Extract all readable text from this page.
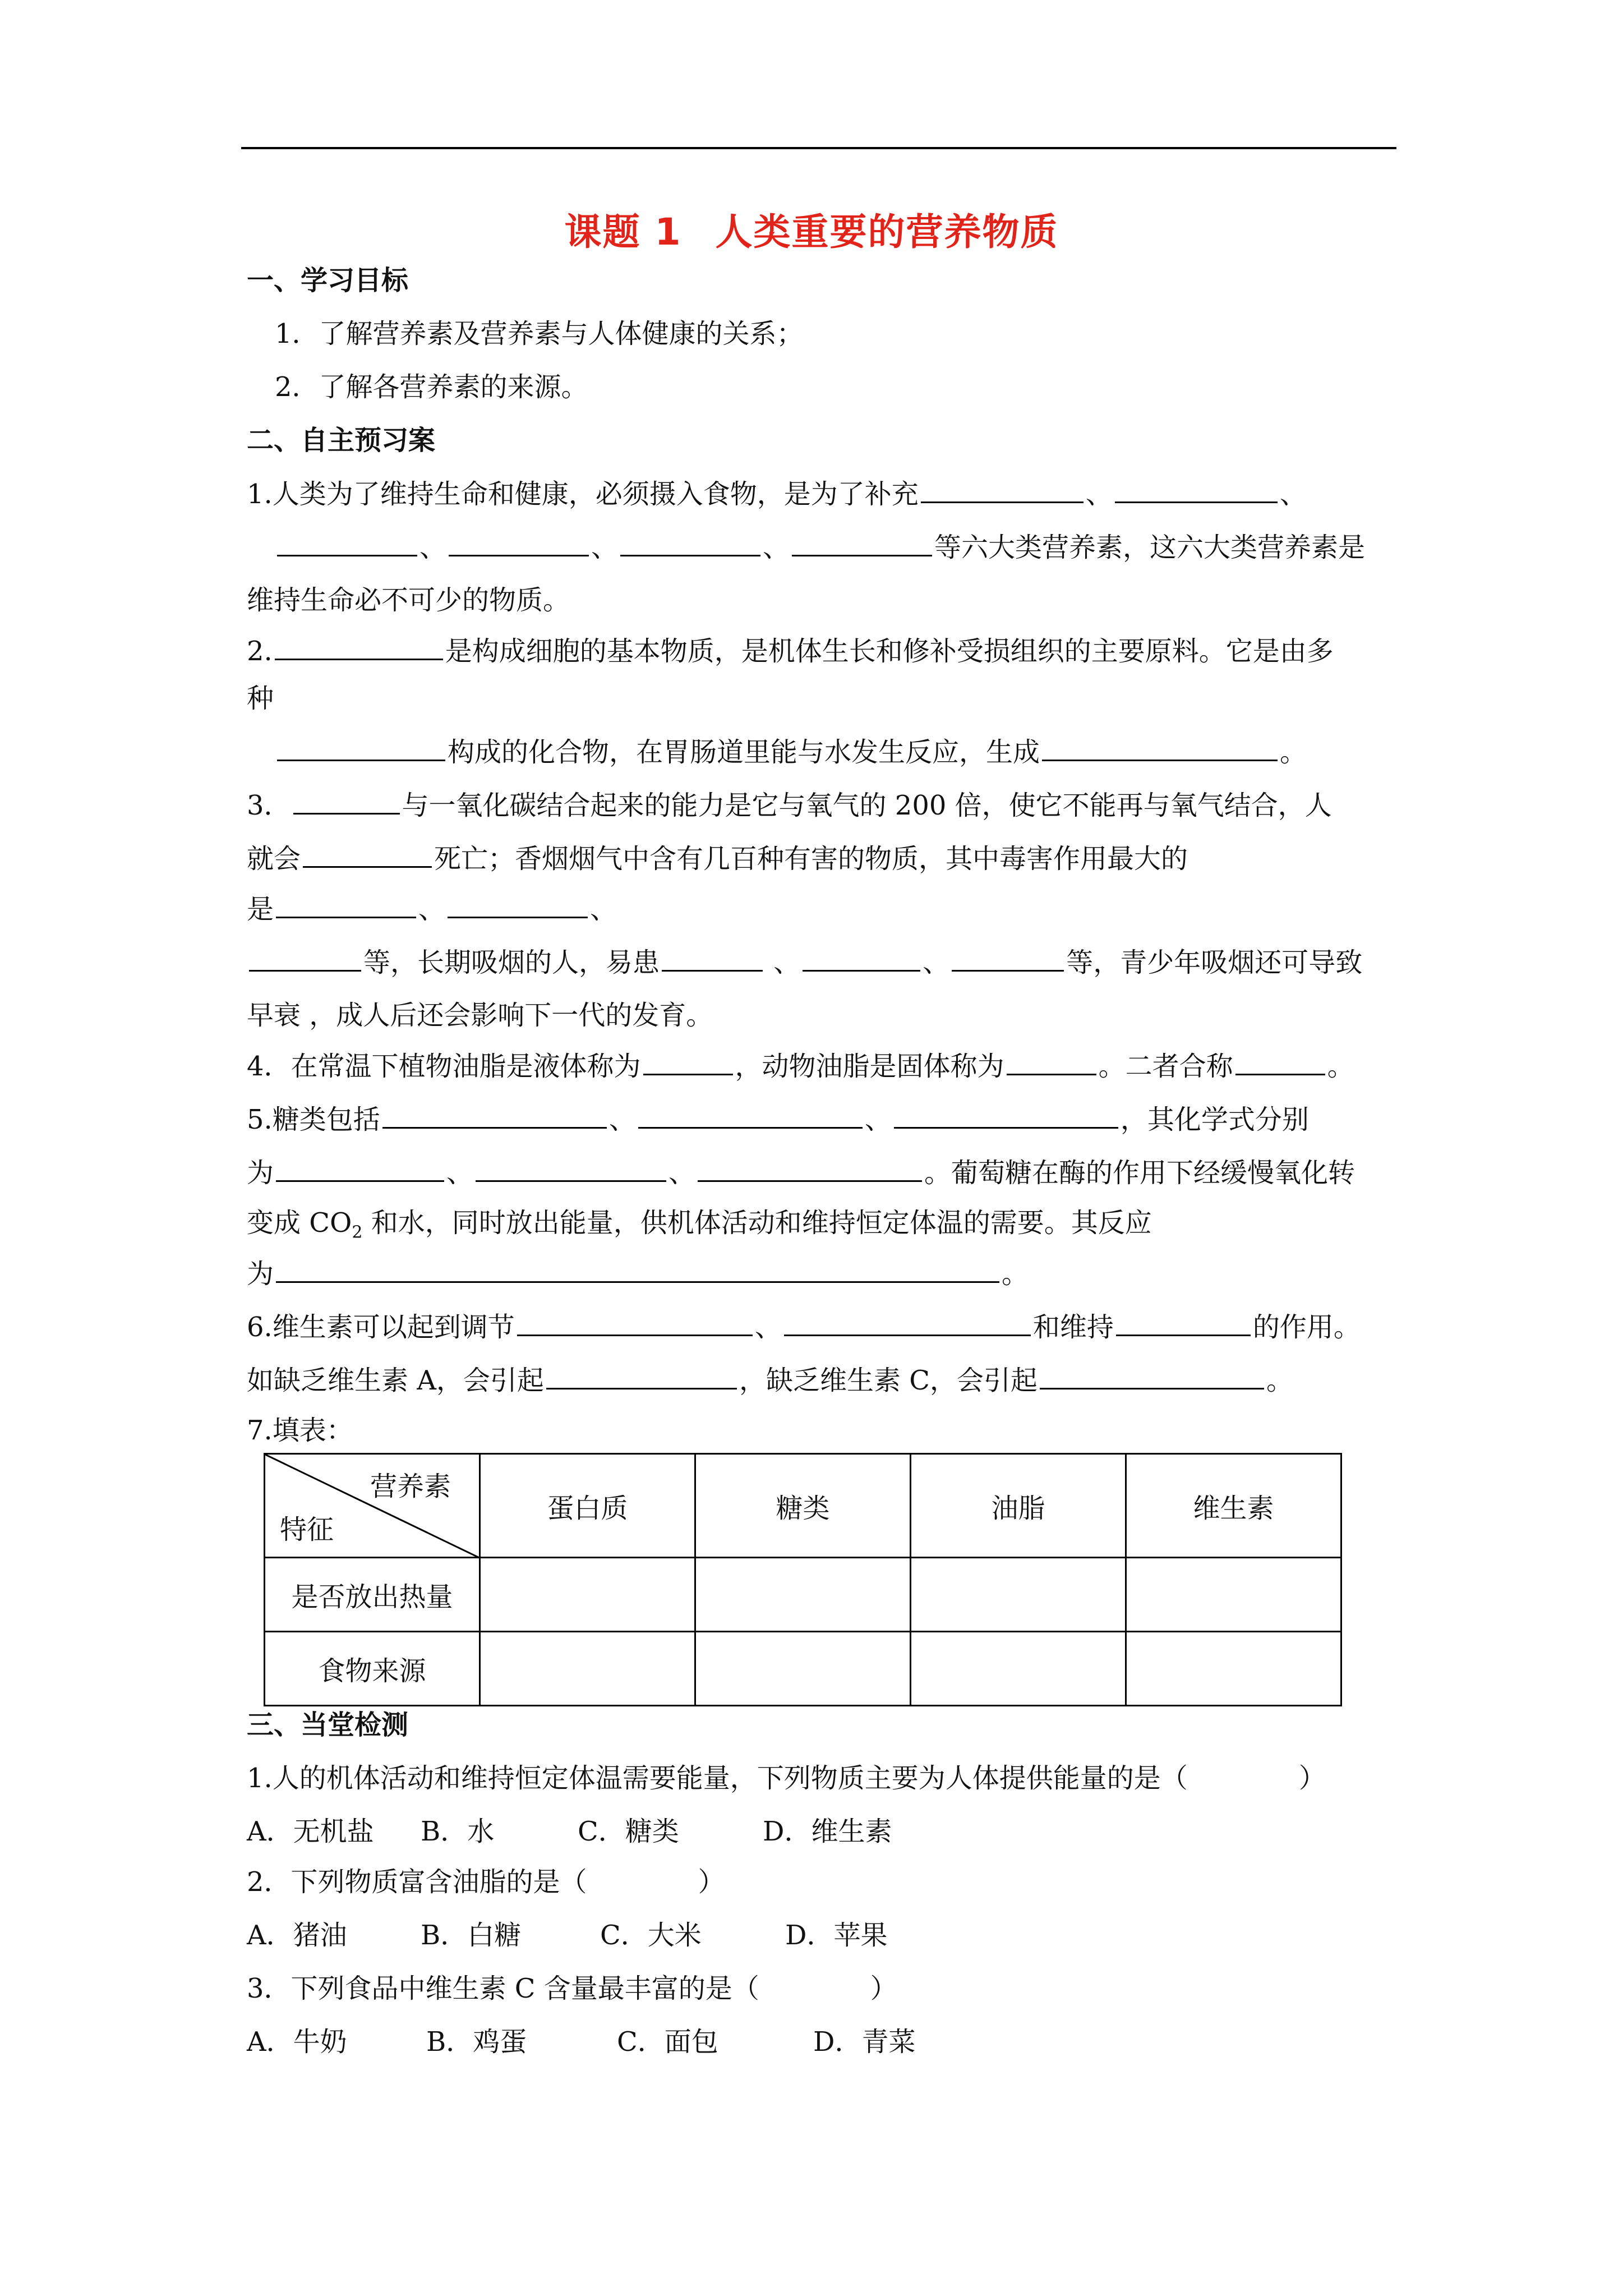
课题 1 人类重要的营养物质
一、学习目标
1．了解营养素及营养素与人体健康的关系；
2．了解各营养素的来源。
二、自主预习案
1.人类为了维持生命和健康，必须摄入食物，是为了补充	、	、
、	、	、	等六大类营养素，这六大类营养素是
维持生命必不可少的物质。
2.	是构成细胞的基本物质，是机体生长和修补受损组织的主要原料。它是由多
种
构成的化合物，在胃肠道里能与水发生反应，生成	。
3．	与一氧化碳结合起来的能力是它与氧气的 200 倍，使它不能再与氧气结合，人
就会	死亡；香烟烟气中含有几百种有害的物质，其中毒害作用最大的
是	、	、
等，长期吸烟的人，易患	、	、	等，青少年吸烟还可导致
早衰 ，成人后还会影响下一代的发育。
4．在常温下植物油脂是液体称为	，动物油脂是固体称为	。二者合称	。
5.糖类包括	、	、	，其化学式分别
为	、	、	。葡萄糖在酶的作用下经缓慢氧化转
变成 $CO_2$ 和水，同时放出能量，供机体活动和维持恒定体温的需要。其反应
为	。
6.维生素可以起到调节	、	和维持	的作用。
如缺乏维生素 A，会引起	，缺乏维生素 C，会引起	。
7.填表：
营养素
特征	蛋白质	糖类	油脂	维生素
是否放出热量				
食物来源				
三、当堂检测
1.人的机体活动和维持恒定体温需要能量，下列物质主要为人体提供能量的是（	）
A．无机盐 B．水	C．糖类	D．维生素
2．下列物质富含油脂的是（	）
A．猪油	B．白糖	C．大米	D．苹果
3．下列食品中维生素 C 含量最丰富的是（	）
A．牛奶	B．鸡蛋	C．面包	D．青菜
